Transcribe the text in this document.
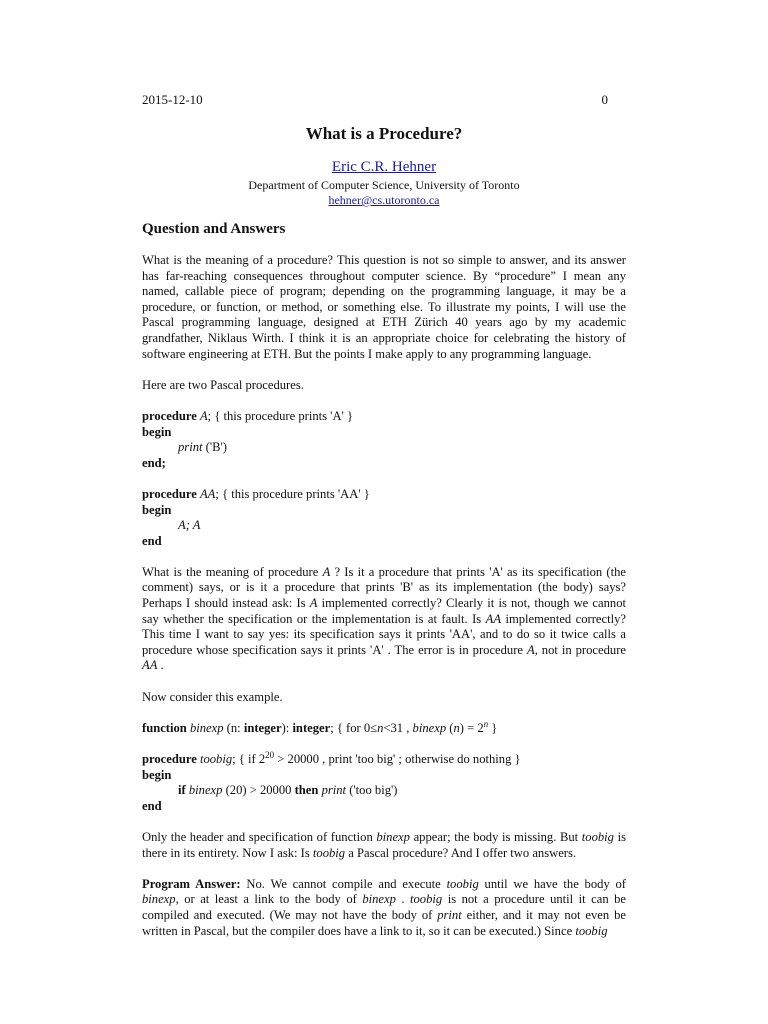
2015-12-10	0
What is a Procedure?
Eric C.R. Hehner
Department of Computer Science, University of Toronto
hehner@cs.utoronto.ca
Question and Answers

What is the meaning of a procedure? This question is not so simple to answer, and its answer has far-reaching consequences throughout computer science. By “procedure” I mean any named, callable piece of program; depending on the programming language, it may be a procedure, or function, or method, or something else. To illustrate my points, I will use the Pascal programming language, designed at ETH Zürich 40 years ago by my academic grandfather, Niklaus Wirth. I think it is an appropriate choice for celebrating the history of software engineering at ETH. But the points I make apply to any programming language.

Here are two Pascal procedures.

procedure A; { this procedure prints 'A' }
begin
print ('B')
end;
procedure AA; { this procedure prints 'AA' }
begin
A; A
end

What is the meaning of procedure A ? Is it a procedure that prints 'A' as its specification (the comment) says, or is it a procedure that prints 'B' as its implementation (the body) says? Perhaps I should instead ask: Is A implemented correctly? Clearly it is not, though we cannot say whether the specification or the implementation is at fault. Is AA implemented correctly? This time I want to say yes: its specification says it prints 'AA', and to do so it twice calls a procedure whose specification says it prints 'A' . The error is in procedure A, not in procedure AA .

Now consider this example.

function binexp (n: integer): integer; { for 0≤n<31 , binexp $(n) = 2^n$ }
procedure toobig; { if $2^{20} > 20000$ , print 'too big' ; otherwise do nothing }
begin
if binexp (20) > 20000 then print ('too big')
end

Only the header and specification of function binexp appear; the body is missing. But toobig is there in its entirety. Now I ask: Is toobig a Pascal procedure? And I offer two answers.

Program Answer: No. We cannot compile and execute toobig until we have the body of binexp, or at least a link to the body of binexp . toobig is not a procedure until it can be compiled and executed. (We may not have the body of print either, and it may not even be written in Pascal, but the compiler does have a link to it, so it can be executed.) Since toobig
